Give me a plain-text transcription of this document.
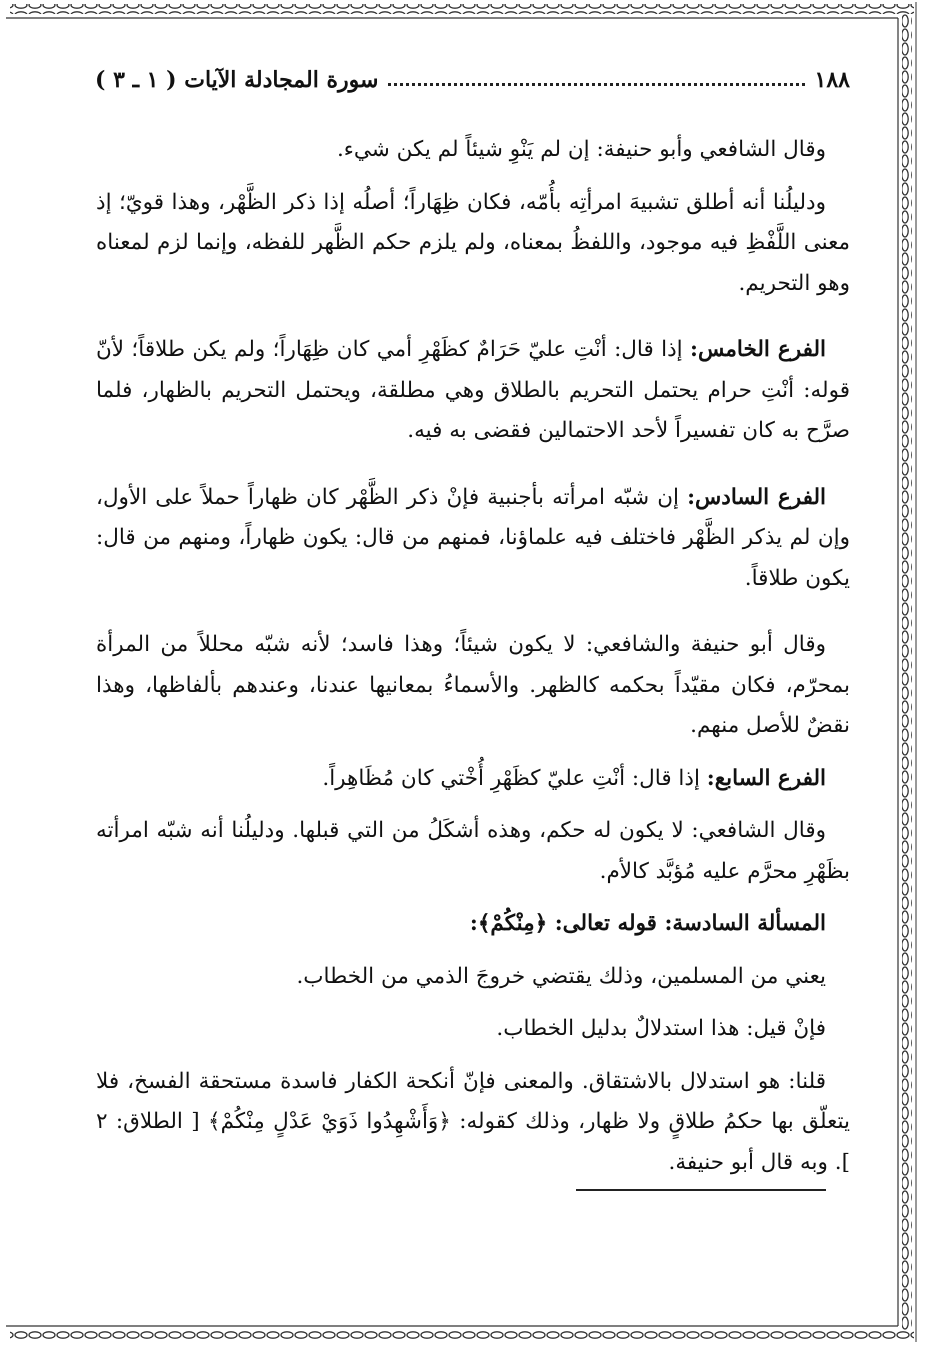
١٨٨
سورة المجادلة الآيات ( ١ ـ ٣ )

وقال الشافعي وأبو حنيفة: إن لم يَنْوِ شيئاً لم يكن شيء.

ودليلُنا أنه أطلق تشبيهَ امرأتِه بأُمّه، فكان ظِهَاراً؛ أصلُه إذا ذكر الظَّهْر، وهذا قويّ؛ إذ معنى اللَّفْظِ فيه موجود، واللفظُ بمعناه، ولم يلزم حكم الظَّهر للفظه، وإنما لزم لمعناه وهو التحريم.

الفرع الخامس: إذا قال: أنْتِ عليّ حَرَامٌ كظَهْرِ أمي كان ظِهَاراً؛ ولم يكن طلاقاً؛ لأنّ قوله: أنْتِ حرام يحتمل التحريم بالطلاق وهي مطلقة، ويحتمل التحريم بالظهار، فلما صرَّح به كان تفسيراً لأحد الاحتمالين فقضى به فيه.

الفرع السادس: إن شبّه امرأته بأجنبية فإنْ ذكر الظَّهْر كان ظهاراً حملاً على الأول، وإن لم يذكر الظَّهْر فاختلف فيه علماؤنا، فمنهم من قال: يكون ظهاراً، ومنهم من قال: يكون طلاقاً.

وقال أبو حنيفة والشافعي: لا يكون شيئاً؛ وهذا فاسد؛ لأنه شبّه محللاً من المرأة بمحرّم، فكان مقيّداً بحكمه كالظهر. والأسماءُ بمعانيها عندنا، وعندهم بألفاظها، وهذا نقضٌ للأصل منهم.

الفرع السابع: إذا قال: أنْتِ عليّ كظَهْرِ أُخْتي كان مُظَاهِراً.

وقال الشافعي: لا يكون له حكم، وهذه أشكَلُ من التي قبلها. ودليلُنا أنه شبّه امرأته بظَهْرِ محرَّم عليه مُؤبَّد كالأم.

المسألة السادسة: قوله تعالى: ﴿مِنْكُمْ﴾:

يعني من المسلمين، وذلك يقتضي خروجَ الذمي من الخطاب.

فإنْ قيل: هذا استدلالٌ بدليل الخطاب.

قلنا: هو استدلال بالاشتقاق. والمعنى فإنّ أنكحة الكفار فاسدة مستحقة الفسخ، فلا يتعلّق بها حكمُ طلاقٍ ولا ظهار، وذلك كقوله: ﴿وَأَشْهِدُوا ذَوَيْ عَدْلٍ مِنْكُمْ﴾ [ الطلاق: ٢ ]. وبه قال أبو حنيفة.
